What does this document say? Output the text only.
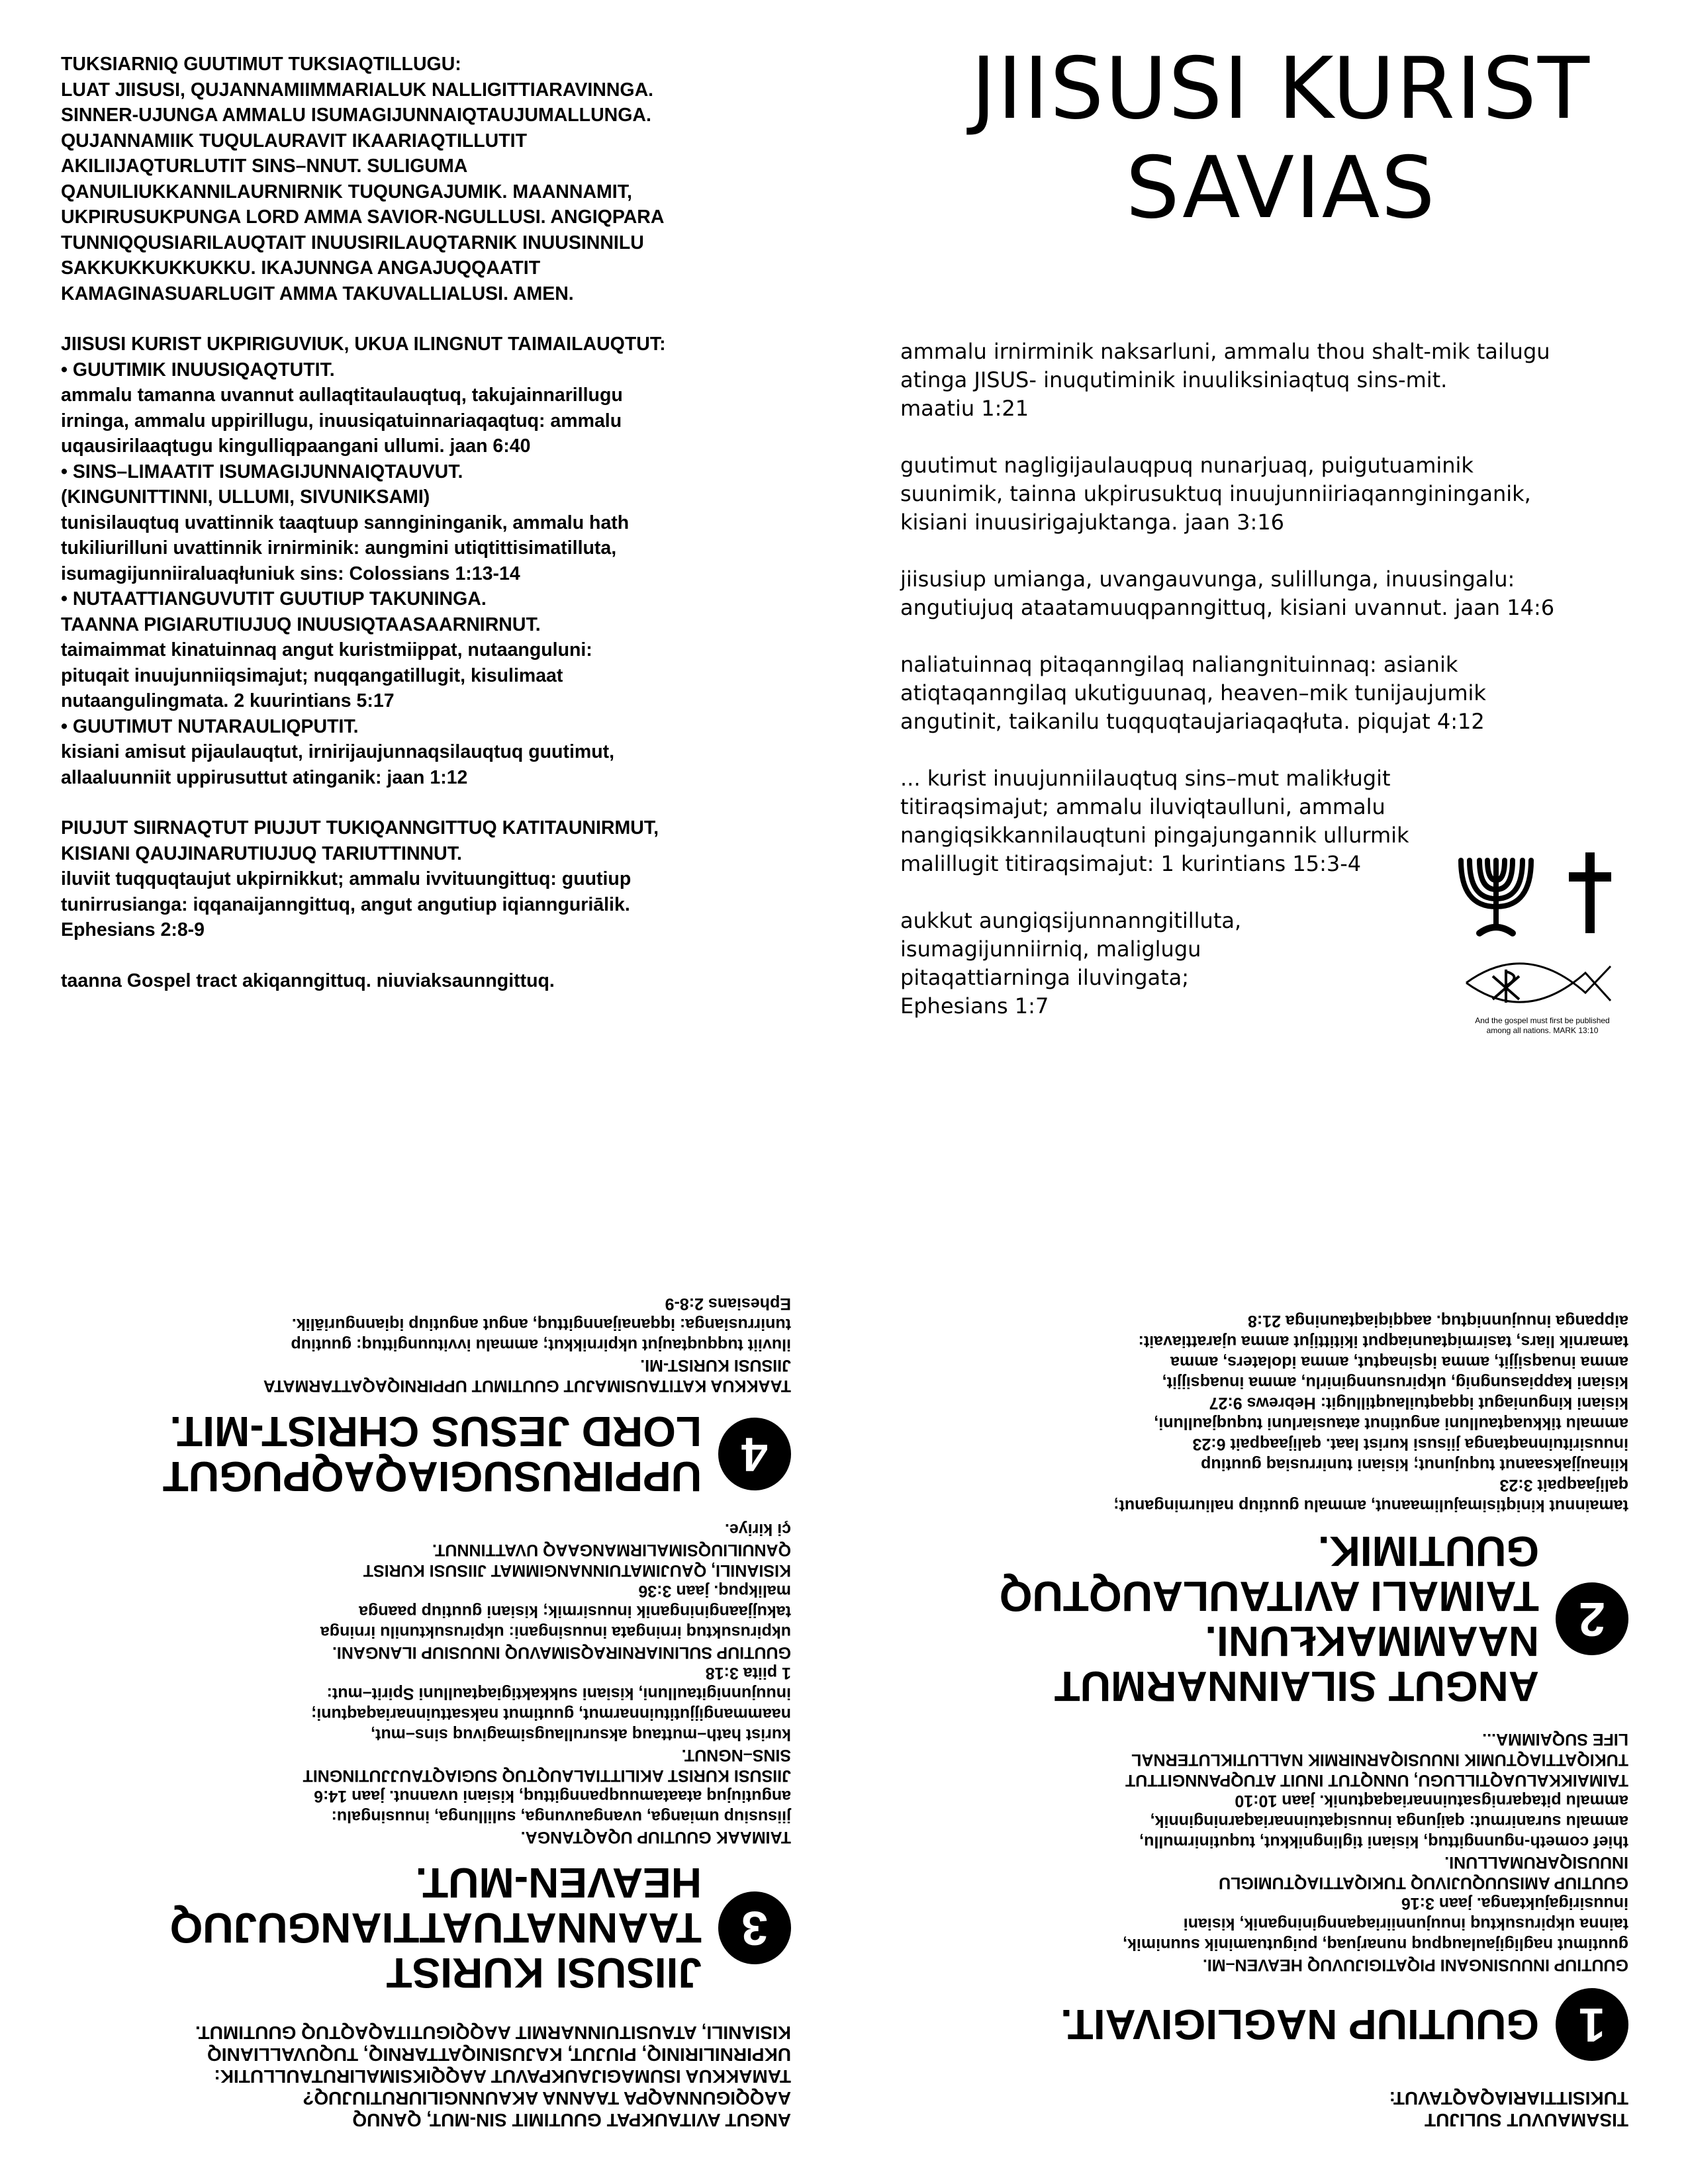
TUKSIARNIQ GUUTIMUT TUKSIAQTILLUGU:

LUAT JIISUSI, QUJANNAMIIMMARIALUK NALLIGITTIARAVINNGA.

SINNER-UJUNGA AMMALU ISUMAGIJUNNAIQTAUJUMALLUNGA.

QUJANNAMIIK TUQULAURAVIT IKAARIAQTILLUTIT

AKILIIJAQTURLUTIT SINS–NNUT. SULIGUMA

QANUILIUKKANNILAURNIRNIK TUQUNGAJUMIK. MAANNAMIT,

UKPIRUSUKPUNGA LORD AMMA SAVIOR-NGULLUSI. ANGIQPARA

TUNNIQQUSIARILAUQTAIT INUUSIRILAUQTARNIK INUUSINNILU

SAKKUKKUKKUKKU. IKAJUNNGA ANGAJUQQAATIT

KAMAGINASUARLUGIT AMMA TAKUVALLIALUSI. AMEN.

JIISUSI KURIST UKPIRIGUVIUK, UKUA ILINGNUT TAIMAILAUQTUT:

• GUUTIMIK INUUSIQAQTUTIT.

ammalu tamanna uvannut aullaqtitaulauqtuq, takujainnarillugu

irninga, ammalu uppirillugu, inuusiqatuinnariaqaqtuq: ammalu

uqausirilaaqtugu kingulliqpaangani ullumi. jaan 6:40

• SINS–LIMAATIT ISUMAGIJUNNAIQTAUVUT.

(KINGUNITTINNI, ULLUMI, SIVUNIKSAMI)

tunisilauqtuq uvattinnik taaqtuup sanngininganik, ammalu hath

tukiliurilluni uvattinnik irnirminik: aungmini utiqtittisimatilluta,

isumagijunniiraluaqłuniuk sins: Colossians 1:13-14

• NUTAATTIANGUVUTIT GUUTIUP TAKUNINGA.

TAANNA PIGIARUTIUJUQ INUUSIQTAASAARNIRNUT.

taimaimmat kinatuinnaq angut kuristmiippat, nutaanguluni:

pituqait inuujunniiqsimajut; nuqqangatillugit, kisulimaat

nutaangulingmata. 2 kuurintians 5:17

• GUUTIMUT NUTARAULIQPUTIT.

kisiani amisut pijaulauqtut, irnirijaujunnaqsilauqtuq guutimut,

allaaluunniit uppirusuttut atinganik: jaan 1:12

PIUJUT SIIRNAQTUT PIUJUT TUKIQANNGITTUQ KATITAUNIRMUT,

KISIANI QAUJINARUTIUJUQ TARIUTTINNUT.

iluviit tuqquqtaujut ukpirnikkut; ammalu ivvituungittuq: guutiup

tunirrusianga: iqqanaijanngittuq, angut angutiup iqiannguriālik.

Ephesians 2:8-9

taanna Gospel tract akiqanngittuq. niuviaksaunngittuq.
JIISUSI KURIST
SAVIAS

ammalu irnirminik naksarluni, ammalu thou shalt-mik tailugu

atinga JISUS- inuqutiminik inuuliksiniaqtuq sins-mit.

maatiu 1:21

guutimut nagligijaulauqpuq nunarjuaq, puigutuaminik

suunimik, tainna ukpirusuktuq inuujunniiriaqanngininganik,

kisiani inuusirigajuktanga. jaan 3:16

jiisusiup umianga, uvangauvunga, sulillunga, inuusingalu:

angutiujuq ataatamuuqpanngittuq, kisiani uvannut. jaan 14:6

naliatuinnaq pitaqanngilaq naliangnituinnaq: asianik

atiqtaqanngilaq ukutiguunaq, heaven–mik tunijaujumik

angutinit, taikanilu tuqquqtaujariaqaqłuta. piqujat 4:12

... kurist inuujunniilauqtuq sins–mut malikługit

titiraqsimajut; ammalu iluviqtaulluni, ammalu

nangiqsikkannilauqtuni pingajungannik ullurmik

malillugit titiraqsimajut: 1 kurintians 15:3-4

aukkut aungiqsijunnanngitilluta,

isumagijunniirniq, maliglugu

pitaqattiarninga iluvingata;

Ephesians 1:7

And the gospel must first be published
among all nations. MARK 13:10

ANGUT AVITAUKPAT GUUTIMIT SIN-MUT, QANUQ

AAQQIGUNNAQPA TAANNA AKAUNNGILIURUTIUJUQ?

TAMAKKUA ISUMAGIJAUKPAVUT AAQQIKSIMALIRUTAULLUTIK:

UKPIRNILIRINIQ, PIUJUT, KAJUSINIQATTARNIQ, TUQUVALLIANIQ

KISIANILI, ATAUSITUINNARMIT AAQQIGUTITAQAQTUQ GUUTIMUT.

3

JIISUSI KURIST

TAANNATUATTIANGUJUQ

HEAVEN-MUT.

TAIMAAK GUUTIUP UQAQTANGA.

jiisusiup umianga, uvangauvunga, sulillunga, inuusingalu:

angutiujuq ataatamuuqpanngittuq, kisiani uvannut. jaan 14:6

JIISUSI KURIST AKILITTIALAUQTUQ SUGIAQTAUJJUTINGNIT

SINS–NGNUT.

kurist hath–muttauq aksurullaugsimagivuq sins–mut,

naammangijjutituinnarmut, guutimut naksattuinnariaqaqtuni;

inuujunnigitaulluni, kisiani sukkaktigiaqtaulluni Spirit–mut:

1 piita 3:18

GUUTIUP SULINIARNIRAQSIMAVUQ INUUSIUP ILANGANI.

ukpirusuktuq irningata inuusingani: ukpirusuktunilu irninga

takujjaangininganik inuusirmik; kisiani guutiup paanga

malikpuq. jaan 3:36

KISIANILI, QAUJIMATUINNANGIMMAT JIISUSI KURIST

QANUILIUQSIMALIRMANGAAQ UVATTINNUT.

çi kiriye.

4

UPPIRUSUGIAQAQPUGUT

LORD JESUS CHRIST-MIT.

TAAKKUA KATITAUSIMAJUT GUUTIMUT UPPIRNIQAQATTARMATA

JIISUSI KURIST-MI.

iluviit tuqquqtaujut ukpirnikkut; ammalu ivvituungittuq: guutiup

tunirrusianga: iqqanaijanngittuq, angut angutiup iqiannguriālik.

Ephesians 2:8-9

TISAMAUVUT SULIJUT

TUKISITTIARIAQAQTAVUT:

1

GUUTIUP NAGLIGIVAIT.

GUUTIUP INUUSINGANI PIQATIGIJUVUQ HEAVEN–MI.

guutimut nagligijaulauqpuq nunarjuaq, puigutuaminik suunimik,

tainna ukpirusuktuq inuujunniiriaqanngininganik, kisiani

inuusirigajuktanga. jaan 3:16

GUUTIUP AMISUUQUJIVUQ TUKIQATTIAQTUMIGLU

INUUSIQARUMALLUNI.

thief cometh-ngunngittuq, kisiani tiglingnikkut, tuqutinirmullu,

ammalu suranirmut: qaijunga inuusiqatuinnariaqarninginnik,

ammalu pitaqarnigsatuinnariaqaqtunik. jaan 10:10

TAIMAIKKALUAQTILLUGU, UNNQTUT INUIT ATUQPANNGITTUT

TUKIQATTIAQTUMIK INUUSIQARNIRMIK NALLUTIKLUTERNAL

LIFE SUQAIMMA...

2

ANGUT SILAINNARMUT NAAMMAKŁUNI.

TAIMALI AVITAULAUQTUQ GUUTIMIK.

tamainnut kiniqtisimajulimaanut, ammalu guutiup naliurninganut;

qalijaaqpait 3:23

kiinaujjaksaanut tuqujunut; kisiani tunirrusiaq guutiup

inuusirituinnaqtanga jiisusi kurist laat. qalijaaqpait 6:23

ammalu tikkuaqtaulluni angutinut atausiarluni tuquqjaulluni,

kisiani kinguniagut iqqaqtuilauqtillugit: Hebrews 9:27

kisiani kappiasungnig, ukpirusunnginirlu, amma inuaqsijjit,

amma inuaqsijjit, amma iqsinaqtut, amma idolaters, amma

tamarnik liars, tasirmiqtauniaqput ikitittijut amma ujarattiavait:

aippanga inuujunniqtuq. aaqqiqiaqtauninga 21:8
